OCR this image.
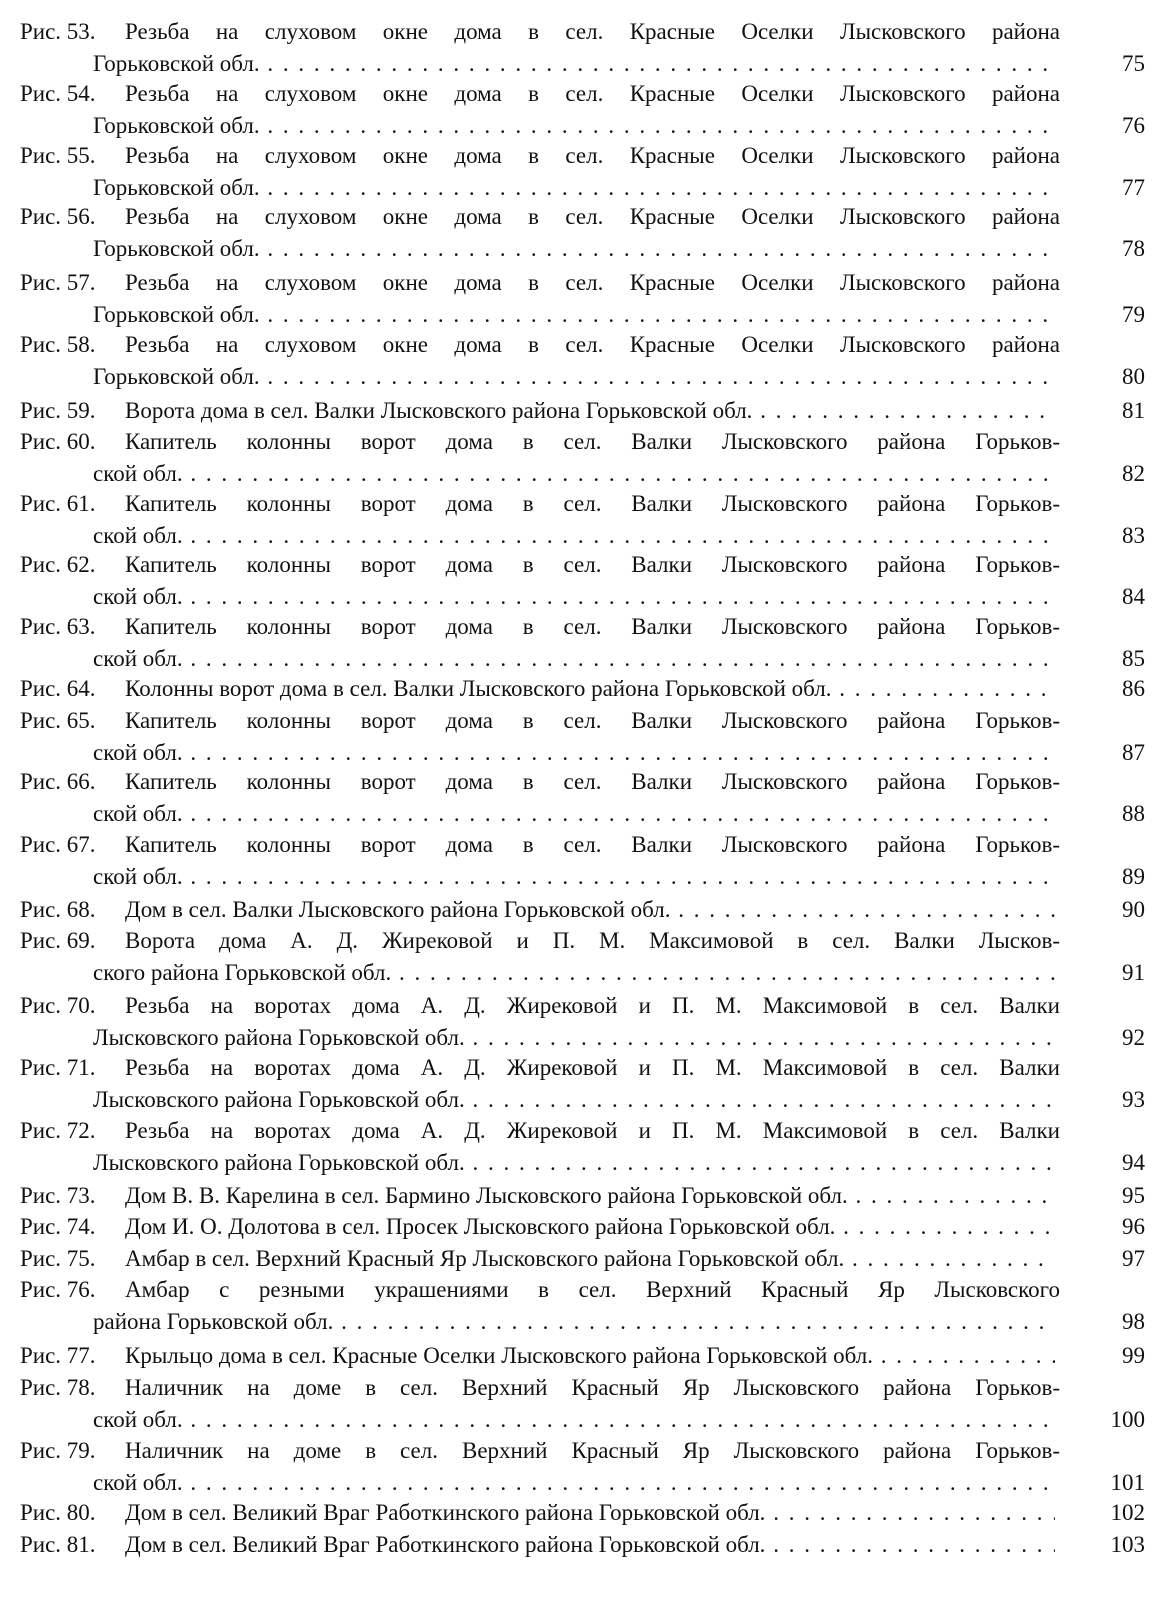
Рис. 53. Резьба на слуховом окне дома в сел. Красные Оселки Лысковского района
Горьковской обл. . . .	75
Рис. 54. Резьба на слуховом окне дома в сел. Красные Оселки Лысковского района
Горьковской обл. . . .	76
Рис. 55. Резьба на слуховом окне дома в сел. Красные Оселки Лысковского района
Горьковской обл. . . .	77
Рис. 56. Резьба на слуховом окне дома в сел. Красные Оселки Лысковского района
Горьковской обл. . . .	78
Рис. 57. Резьба на слуховом окне дома в сел. Красные Оселки Лысковского района
Горьковской обл. . . .	79
Рис. 58. Резьба на слуховом окне дома в сел. Красные Оселки Лысковского района
Горьковской обл. . . .	80
Рис. 59. Ворота дома в сел. Валки Лысковского района Горьковской обл. . . .	81
Рис. 60. Капитель колонны ворот дома в сел. Валки Лысковского района Горьков-
ской обл. . . .	82
Рис. 61. Капитель колонны ворот дома в сел. Валки Лысковского района Горьков-
ской обл. . . .	83
Рис. 62. Капитель колонны ворот дома в сел. Валки Лысковского района Горьков-
ской обл. . . .	84
Рис. 63. Капитель колонны ворот дома в сел. Валки Лысковского района Горьков-
ской обл. . . .	85
Рис. 64. Колонны ворот дома в сел. Валки Лысковского района Горьковской обл. . . .	86
Рис. 65. Капитель колонны ворот дома в сел. Валки Лысковского района Горьков-
ской обл. . . .	87
Рис. 66. Капитель колонны ворот дома в сел. Валки Лысковского района Горьков-
ской обл. . . .	88
Рис. 67. Капитель колонны ворот дома в сел. Валки Лысковского района Горьков-
ской обл. . . .	89
Рис. 68. Дом в сел. Валки Лысковского района Горьковской обл. . . .	90
Рис. 69. Ворота дома А. Д. Жирековой и П. М. Максимовой в сел. Валки Лысков-
ского района Горьковской обл. . . .	91
Рис. 70. Резьба на воротах дома А. Д. Жирековой и П. М. Максимовой в сел. Валки
Лысковского района Горьковской обл. . . .	92
Рис. 71. Резьба на воротах дома А. Д. Жирековой и П. М. Максимовой в сел. Валки
Лысковского района Горьковской обл. . . .	93
Рис. 72. Резьба на воротах дома А. Д. Жирековой и П. М. Максимовой в сел. Валки
Лысковского района Горьковской обл. . . .	94
Рис. 73. Дом В. В. Карелина в сел. Бармино Лысковского района Горьковской обл. . . .	95
Рис. 74. Дом И. О. Долотова в сел. Просек Лысковского района Горьковской обл. . . .	96
Рис. 75. Амбар в сел. Верхний Красный Яр Лысковского района Горьковской обл. . . .	97
Рис. 76. Амбар с резными украшениями в сел. Верхний Красный Яр Лысковского
района Горьковской обл. . . .	98
Рис. 77. Крыльцо дома в сел. Красные Оселки Лысковского района Горьковской обл. . . .	99
Рис. 78. Наличник на доме в сел. Верхний Красный Яр Лысковского района Горьков-
ской обл. . . .	100
Рис. 79. Наличник на доме в сел. Верхний Красный Яр Лысковского района Горьков-
ской обл. . . .	101
Рис. 80. Дом в сел. Великий Враг Работкинского района Горьковской обл. . . .	102
Рис. 81. Дом в сел. Великий Враг Работкинского района Горьковской обл. . . .	103
